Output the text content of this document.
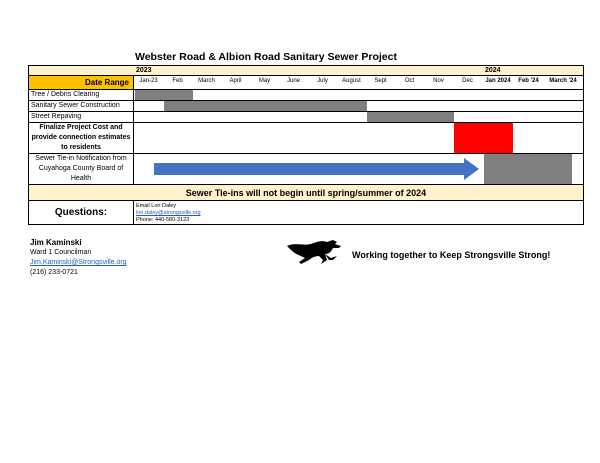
Webster Road & Albion Road Sanitary Sewer Project
2023	2024
Date Range	Jan-23	Feb	March	April	May	June	July	August	Sept	Oct	Nov	Dec	Jan 2024	Feb '24	March '24
Tree / Debris Clearing
Sanitary Sewer Construction
Street Repaving
Finalize Project Cost and
provide connection estimates
to residents
Sewer Tie-in Notification from
Cuyahoga County Board of
Health
Sewer Tie-ins will not begin until spring/summer of 2024
Questions:
Email Lori Daley
lori.daley@strongsville.org
Phone: 440-580-3123
Jim Kaminski
Ward 1 Councilman
Jim.Kaminski@Strongsville.org
(216) 233-0721
Working together to Keep Strongsville Strong!
